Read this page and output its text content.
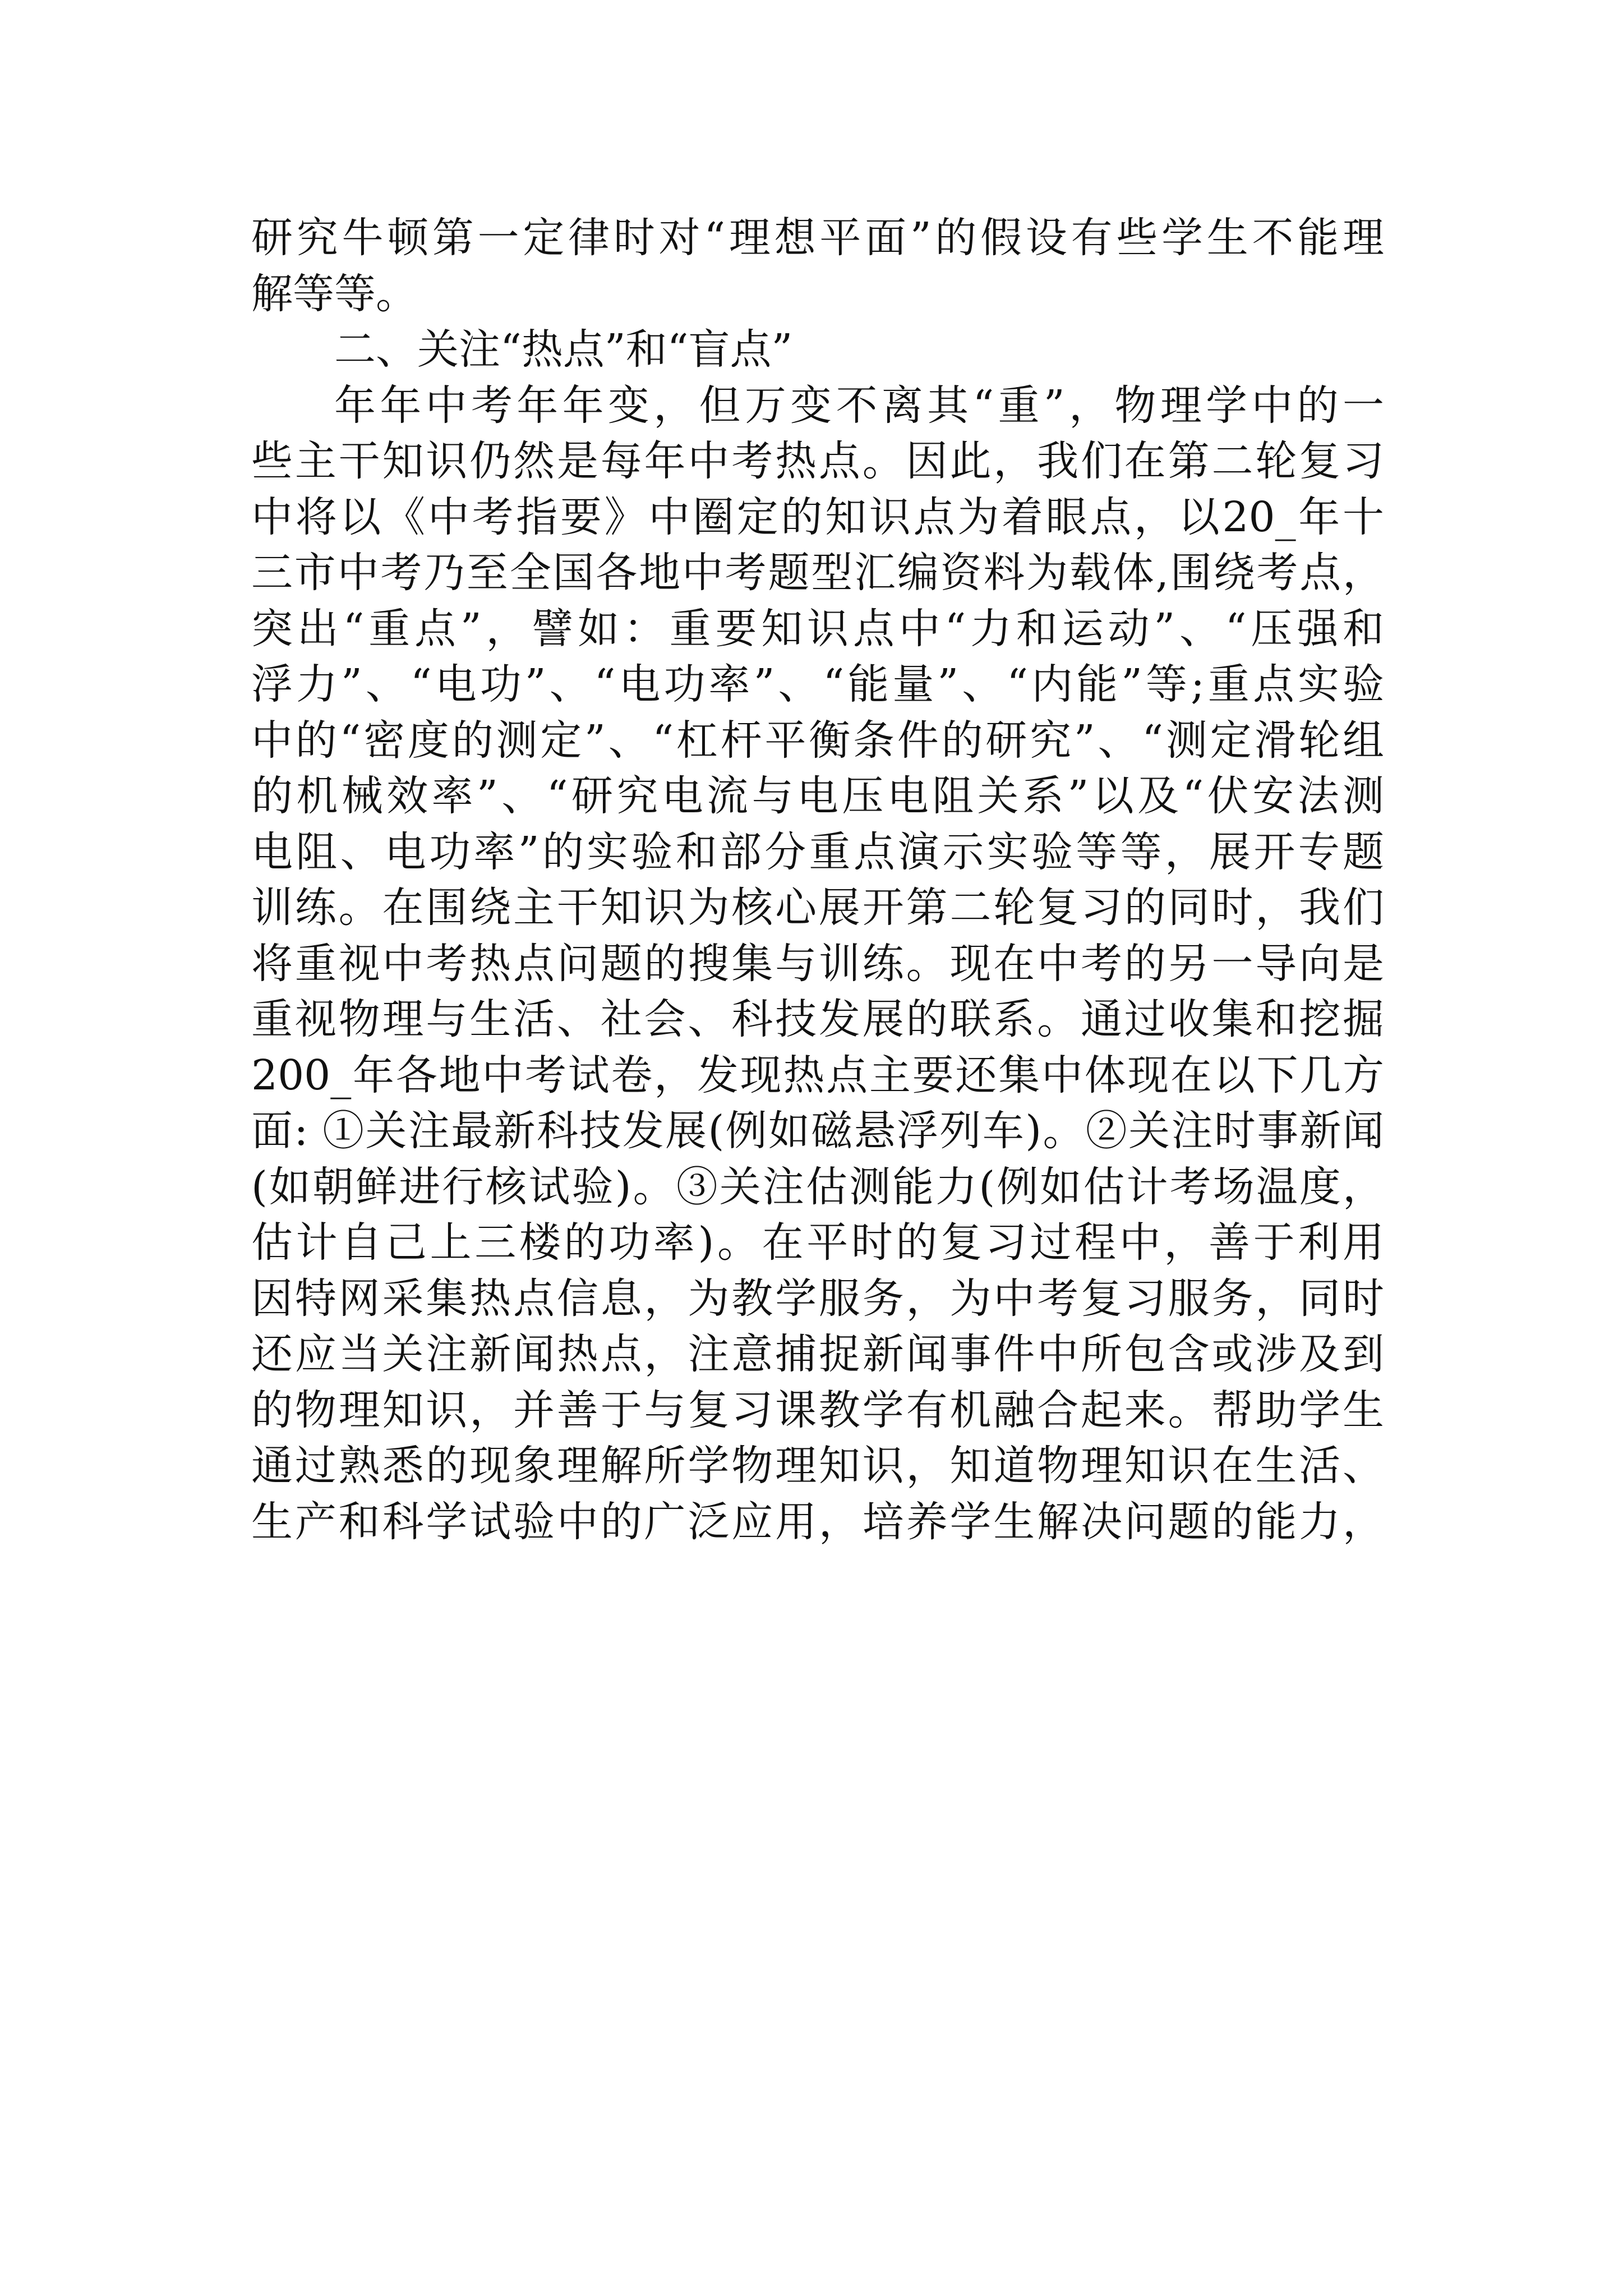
研究牛顿第一定律时对“理想平面”的假设有些学生不能理
解等等。
二、关注“热点”和“盲点”
年年中考年年变，但万变不离其“重”，物理学中的一
些主干知识仍然是每年中考热点。因此，我们在第二轮复习
中将以《中考指要》中圈定的知识点为着眼点，以20_年十
三市中考乃至全国各地中考题型汇编资料为载体,围绕考点，
突出“重点”，譬如：重要知识点中“力和运动”、“压强和
浮力”、“电功”、“电功率”、“能量”、“内能”等;重点实验
中的“密度的测定”、“杠杆平衡条件的研究”、“测定滑轮组
的机械效率”、“研究电流与电压电阻关系”以及“伏安法测
电阻、电功率”的实验和部分重点演示实验等等，展开专题
训练。在围绕主干知识为核心展开第二轮复习的同时，我们
将重视中考热点问题的搜集与训练。现在中考的另一导向是
重视物理与生活、社会、科技发展的联系。通过收集和挖掘
200_年各地中考试卷，发现热点主要还集中体现在以下几方
面: ①关注最新科技发展(例如磁悬浮列车)。②关注时事新闻
(如朝鲜进行核试验)。③关注估测能力(例如估计考场温度，
估计自己上三楼的功率)。在平时的复习过程中，善于利用
因特网采集热点信息，为教学服务，为中考复习服务，同时
还应当关注新闻热点，注意捕捉新闻事件中所包含或涉及到
的物理知识，并善于与复习课教学有机融合起来。帮助学生
通过熟悉的现象理解所学物理知识，知道物理知识在生活、
生产和科学试验中的广泛应用，培养学生解决问题的能力，
